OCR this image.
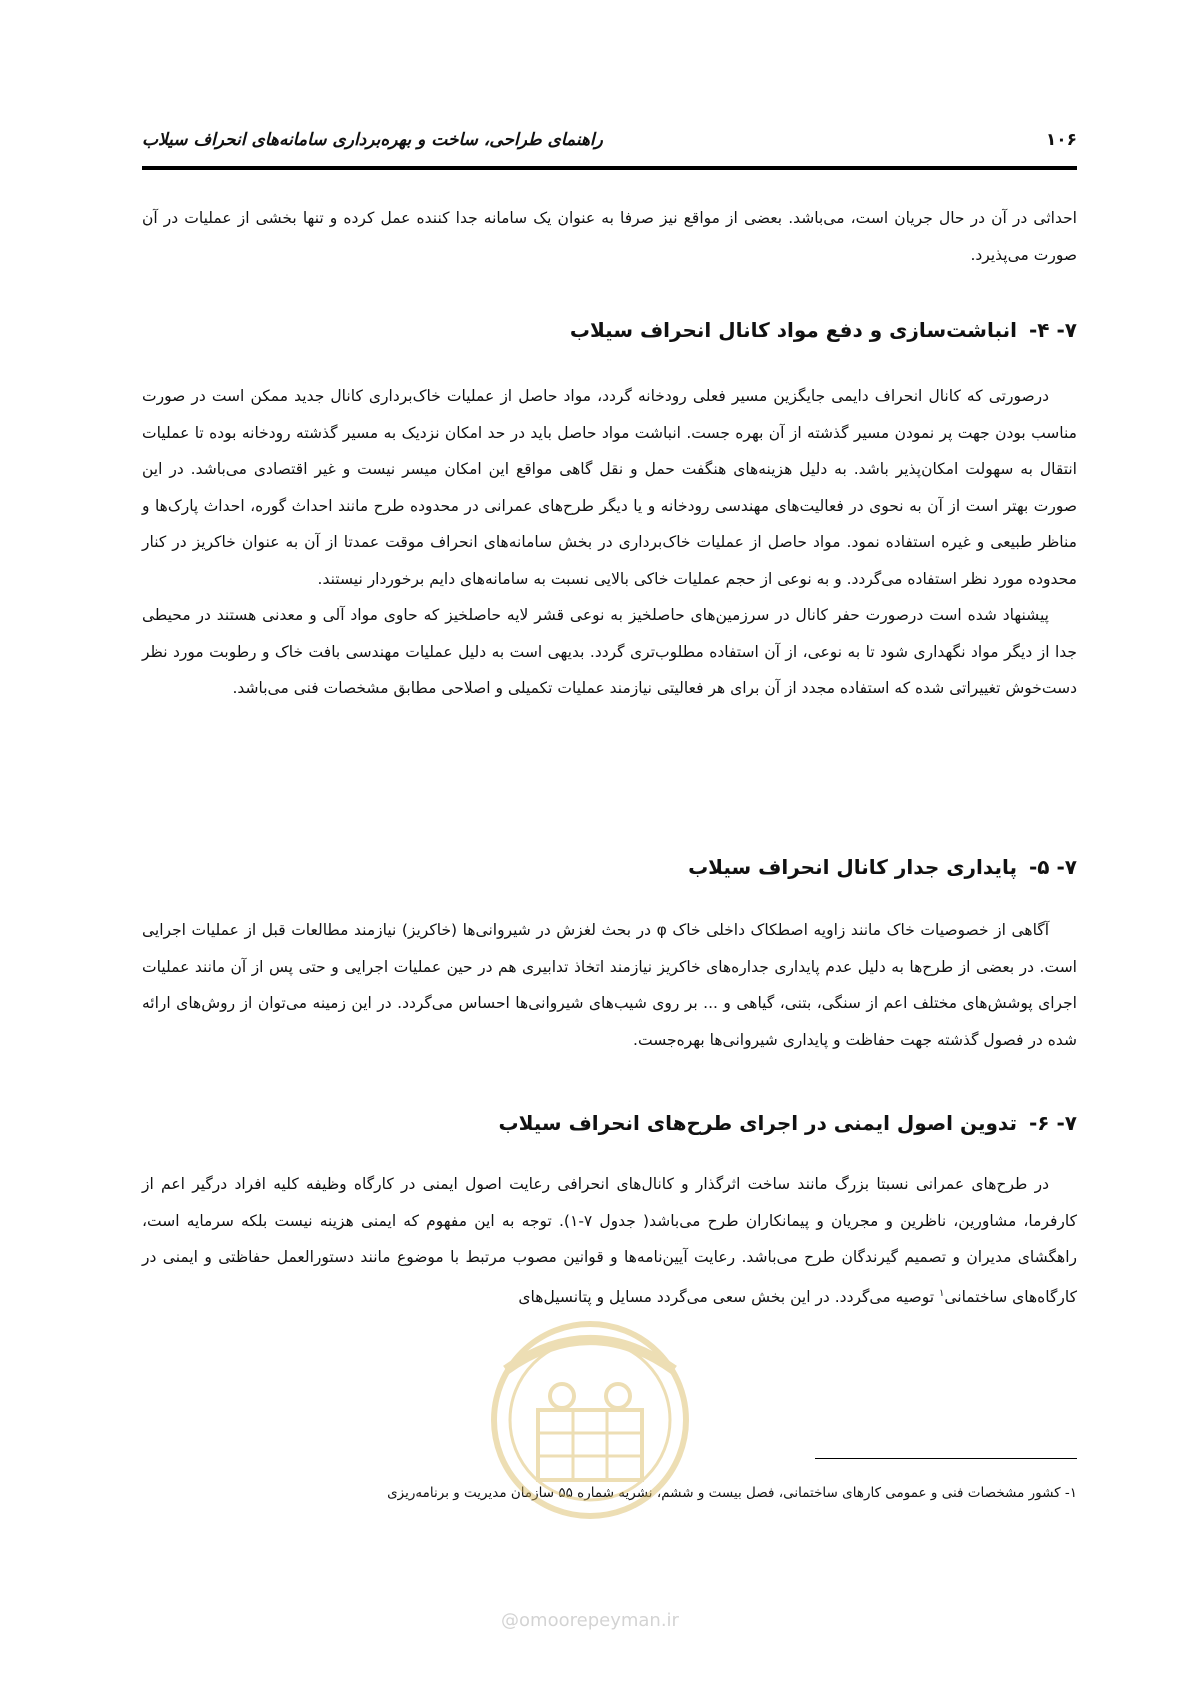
راهنمای طراحی، ساخت و بهره‌برداری سامانه‌های انحراف سیلاب	۱۰۶

احداثی در آن در حال جریان است، می‌باشد. بعضی از مواقع نیز صرفا به عنوان یک سامانه جدا کننده عمل کرده و تنها بخشی از عملیات در آن صورت می‌پذیرد.

۷- ۴-انباشت‌سازی و دفع مواد کانال انحراف سیلاب

درصورتی که کانال انحراف دایمی جایگزین مسیر فعلی رودخانه گردد، مواد حاصل از عملیات خاک‌برداری کانال جدید ممکن است در صورت مناسب بودن جهت پر نمودن مسیر گذشته از آن بهره جست. انباشت مواد حاصل باید در حد امکان نزدیک به مسیر گذشته رودخانه بوده تا عملیات انتقال به سهولت امکان‌پذیر باشد. به دلیل هزینه‌های هنگفت حمل و نقل گاهی مواقع این امکان میسر نیست و غیر اقتصادی می‌باشد. در این صورت بهتر است از آن به نحوی در فعالیت‌های مهندسی رودخانه و یا دیگر طرح‌های عمرانی در محدوده طرح مانند احداث گوره، احداث پارک‌ها و مناظر طبیعی و غیره استفاده نمود. مواد حاصل از عملیات خاک‌برداری در بخش سامانه‌های انحراف موقت عمدتا از آن به عنوان خاکریز در کنار محدوده مورد نظر استفاده می‌گردد. و به نوعی از حجم عملیات خاکی بالایی نسبت به سامانه‌های دایم برخوردار نیستند.

پیشنهاد شده است درصورت حفر کانال در سرزمین‌های حاصلخیز به نوعی قشر لایه حاصلخیز که حاوی مواد آلی و معدنی هستند در محیطی جدا از دیگر مواد نگهداری شود تا به نوعی، از آن استفاده مطلوب‌تری گردد. بدیهی است به دلیل عملیات مهندسی بافت خاک و رطوبت مورد نظر دست‌خوش تغییراتی شده که استفاده مجدد از آن برای هر فعالیتی نیازمند عملیات تکمیلی و اصلاحی مطابق مشخصات فنی می‌باشد.

۷- ۵-پایداری جدار کانال انحراف سیلاب

آگاهی از خصوصیات خاک مانند زاویه اصطکاک داخلی خاک φ در بحث لغزش در شیروانی‌ها (خاکریز) نیازمند مطالعات قبل از عملیات اجرایی است. در بعضی از طرح‌ها به دلیل عدم پایداری جداره‌های خاکریز نیازمند اتخاذ تدابیری هم در حین عملیات اجرایی و حتی پس از آن مانند عملیات اجرای پوشش‌های مختلف اعم از سنگی، بتنی، گیاهی و ... بر روی شیب‌های شیروانی‌ها احساس می‌گردد. در این زمینه می‌توان از روش‌های ارائه شده در فصول گذشته جهت حفاظت و پایداری شیروانی‌ها بهره‌جست.

۷- ۶-تدوین اصول ایمنی در اجرای طرح‌های انحراف سیلاب

در طرح‌های عمرانی نسبتا بزرگ مانند ساخت اثرگذار و کانال‌های انحرافی رعایت اصول ایمنی در کارگاه وظیفه کلیه افراد درگیر اعم از کارفرما، مشاورین، ناظرین و مجریان و پیمانکاران طرح می‌باشد( جدول ۷-۱). توجه به این مفهوم که ایمنی هزینه نیست بلکه سرمایه است، راهگشای مدیران و تصمیم گیرندگان طرح می‌باشد. رعایت آیین‌نامه‌ها و قوانین مصوب مرتبط با موضوع مانند دستورالعمل حفاظتی و ایمنی در کارگاه‌های ساختمانی$^۱$ توصیه می‌گردد. در این بخش سعی می‌گردد مسایل و پتانسیل‌های

۱- کشور مشخصات فنی و عمومی کارهای ساختمانی، فصل بیست و ششم، نشریه شماره ۵۵ سازمان مدیریت و برنامه‌ریزی
@omoorepeyman.ir
